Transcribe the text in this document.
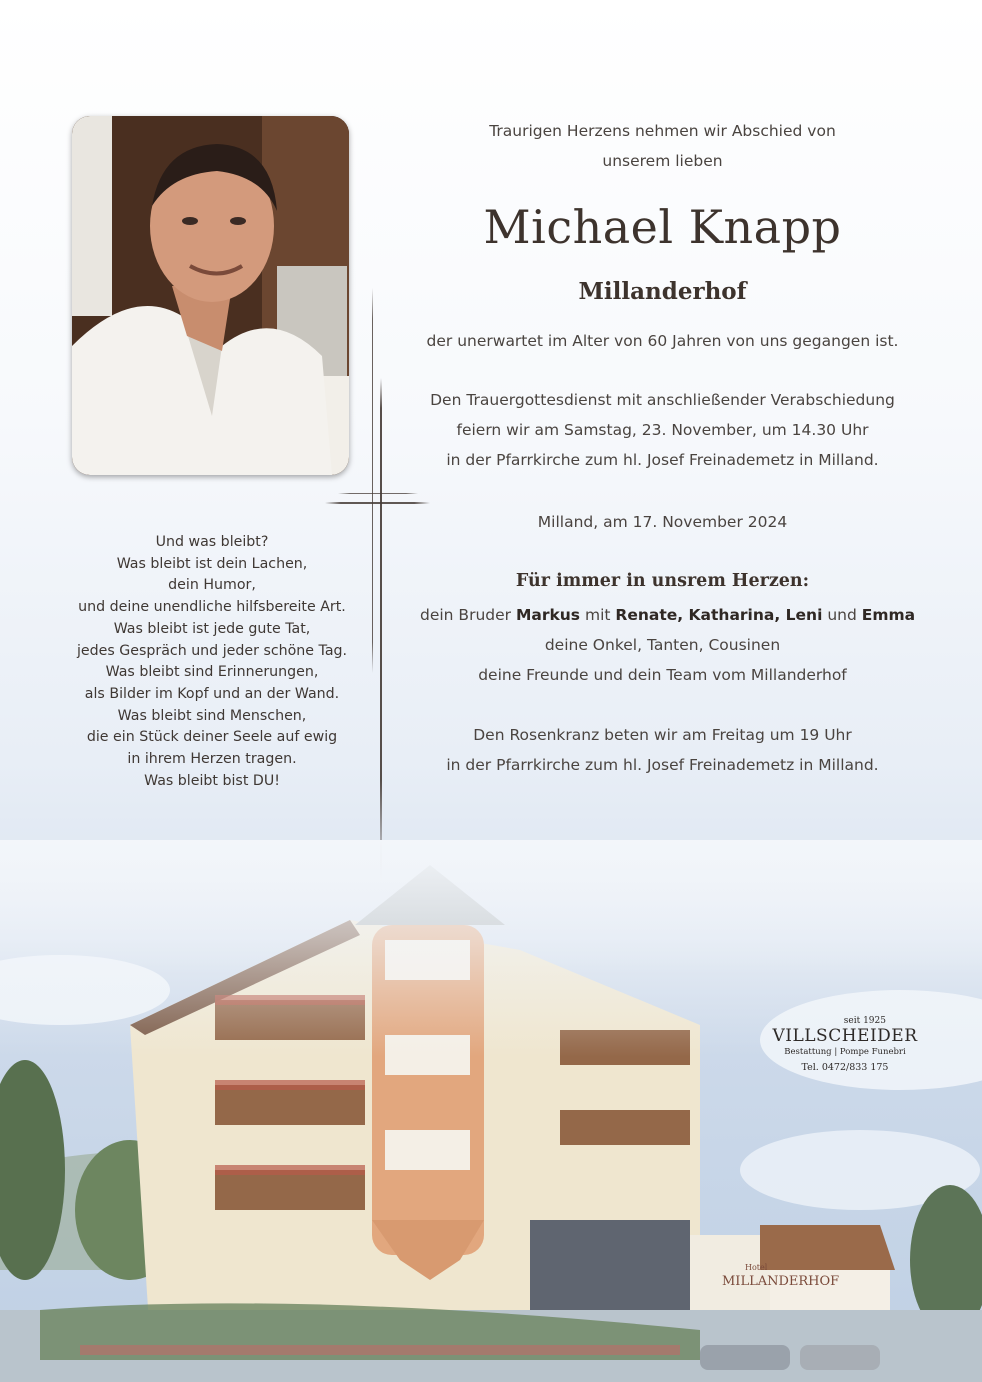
Traurigen Herzens nehmen wir Abschied von
unserem lieben
Michael Knapp
Millanderhof
der unerwartet im Alter von 60 Jahren von uns gegangen ist.
Den Trauergottesdienst mit anschließender Verabschiedung
feiern wir am Samstag, 23. November, um 14.30 Uhr
in der Pfarrkirche zum hl. Josef Freinademetz in Milland.
Milland, am 17. November 2024
Für immer in unsrem Herzen:
dein Bruder Markus mit Renate, Katharina, Leni und Emma
deine Onkel, Tanten, Cousinen
deine Freunde und dein Team vom Millanderhof
Den Rosenkranz beten wir am Freitag um 19 Uhr
in der Pfarrkirche zum hl. Josef Freinademetz in Milland.
Und was bleibt?
Was bleibt ist dein Lachen,
dein Humor,
und deine unendliche hilfsbereite Art.
Was bleibt ist jede gute Tat,
jedes Gespräch und jeder schöne Tag.
Was bleibt sind Erinnerungen,
als Bilder im Kopf und an der Wand.
Was bleibt sind Menschen,
die ein Stück deiner Seele auf ewig
in ihrem Herzen tragen.
Was bleibt bist DU!
Hotel
MILLANDERHOF
seit 1925
VILLSCHEIDER
Bestattung | Pompe Funebri
Tel. 0472/833 175
